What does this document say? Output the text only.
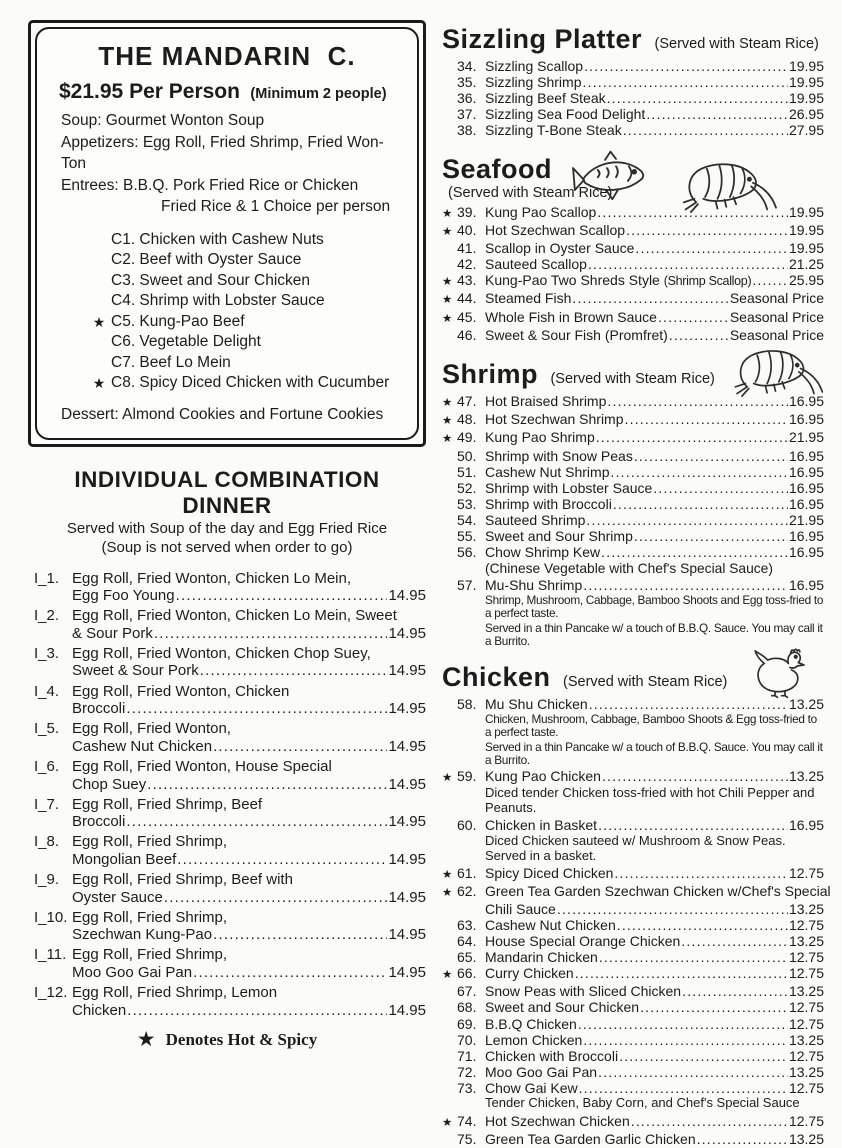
THE MANDARIN  C.
$21.95 Per Person (Minimum 2 people)
Soup: Gourmet Wonton Soup
Appetizers: Egg Roll, Fried Shrimp, Fried Won-Ton
Entrees: B.B.Q. Pork Fried Rice or Chicken
Fried Rice & 1 Choice per person
C1. Chicken with Cashew Nuts
C2. Beef with Oyster Sauce
C3. Sweet and Sour Chicken
C4. Shrimp with Lobster Sauce
★ C5. Kung-Pao Beef
C6. Vegetable Delight
C7. Beef Lo Mein
★ C8. Spicy Diced Chicken with Cucumber
Dessert: Almond Cookies and Fortune Cookies
INDIVIDUAL COMBINATION DINNER
Served with Soup of the day and Egg Fried Rice
(Soup is not served when order to go)
I_1. Egg Roll, Fried Wonton, Chicken Lo Mein,
Egg Foo Young .....	14.95
I_2. Egg Roll, Fried Wonton, Chicken Lo Mein, Sweet
& Sour Pork .....	14.95
I_3. Egg Roll, Fried Wonton, Chicken Chop Suey,
Sweet & Sour Pork .....	14.95
I_4. Egg Roll, Fried Wonton, Chicken
Broccoli .....	14.95
I_5. Egg Roll, Fried Wonton,
Cashew Nut Chicken .....	14.95
I_6. Egg Roll, Fried Wonton, House Special
Chop Suey .....	14.95
I_7. Egg Roll, Fried Shrimp, Beef
Broccoli .....	14.95
I_8. Egg Roll, Fried Shrimp,
Mongolian Beef .....	14.95
I_9. Egg Roll, Fried Shrimp, Beef with
Oyster Sauce .....	14.95
I_10. Egg Roll, Fried Shrimp,
Szechwan Kung-Pao .....	14.95
I_11. Egg Roll, Fried Shrimp,
Moo Goo Gai Pan .....	14.95
I_12. Egg Roll, Fried Shrimp, Lemon
Chicken .....	14.95
★ Denotes Hot & Spicy
Sizzling Platter (Served with Steam Rice)
34. Sizzling Scallop .....	19.95
35. Sizzling Shrimp .....	19.95
36. Sizzling Beef Steak .....	19.95
37. Sizzling Sea Food Delight .....	26.95
38. Sizzling T-Bone Steak .....	27.95
Seafood
(Served with Steam Rice)
★ 39. Kung Pao Scallop .....	19.95
★ 40. Hot Szechwan Scallop .....	19.95
41. Scallop in Oyster Sauce .....	19.95
42. Sauteed Scallop .....	21.25
★ 43. Kung-Pao Two Shreds Style (Shrimp Scallop) .....	25.95
★ 44. Steamed Fish .....	Seasonal Price
★ 45. Whole Fish in Brown Sauce .....	Seasonal Price
46. Sweet & Sour Fish (Promfret) .....	Seasonal Price
Shrimp (Served with Steam Rice)
★ 47. Hot Braised Shrimp .....	16.95
★ 48. Hot Szechwan Shrimp .....	16.95
★ 49. Kung Pao Shrimp .....	21.95
50. Shrimp with Snow Peas .....	16.95
51. Cashew Nut Shrimp .....	16.95
52. Shrimp with Lobster Sauce .....	16.95
53. Shrimp with Broccoli .....	16.95
54. Sauteed Shrimp .....	21.95
55. Sweet and Sour Shrimp .....	16.95
56. Chow Shrimp Kew .....	16.95
(Chinese Vegetable with Chef's Special Sauce)
57. Mu-Shu Shrimp .....	16.95
Shrimp, Mushroom, Cabbage, Bamboo Shoots and Egg toss-fried to a perfect taste.
Served in a thin Pancake w/ a touch of B.B.Q. Sauce. You may call it a Burrito.
Chicken (Served with Steam Rice)
58. Mu Shu Chicken .....	13.25
Chicken, Mushroom, Cabbage, Bamboo Shoots & Egg toss-fried to a perfect taste.
Served in a thin Pancake w/ a touch of B.B.Q. Sauce. You may call it a Burrito.
★ 59. Kung Pao Chicken .....	13.25
Diced tender Chicken toss-fried with hot Chili Pepper and Peanuts.
60. Chicken in Basket .....	16.95
Diced Chicken sauteed w/ Mushroom & Snow Peas. Served in a basket.
★ 61. Spicy Diced Chicken .....	12.75
★ 62. Green Tea Garden Szechwan Chicken w/Chef's Special
Chili Sauce .....	13.25
63. Cashew Nut Chicken .....	12.75
64. House Special Orange Chicken .....	13.25
65. Mandarin Chicken .....	12.75
★ 66. Curry Chicken .....	12.75
67. Snow Peas with Sliced Chicken .....	13.25
68. Sweet and Sour Chicken .....	12.75
69. B.B.Q Chicken .....	12.75
70. Lemon Chicken .....	13.25
71. Chicken with Broccoli .....	12.75
72. Moo Goo Gai Pan .....	13.25
73. Chow Gai Kew .....	12.75
Tender Chicken, Baby Corn, and Chef's Special Sauce
★ 74. Hot Szechwan Chicken .....	12.75
75. Green Tea Garden Garlic Chicken .....	13.25
